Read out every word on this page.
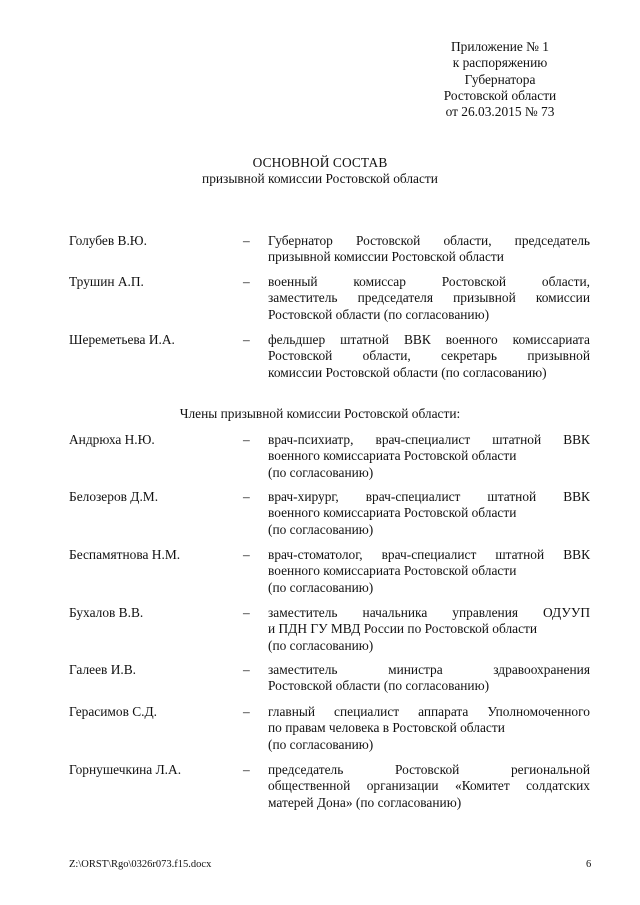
Приложение № 1
к распоряжению
Губернатора
Ростовской области
от 26.03.2015 № 73
ОСНОВНОЙ СОСТАВ
призывной комиссии Ростовской области
Голубев В.Ю.	– Губернатор Ростовской области, председатель
призывной комиссии Ростовской области
Трушин А.П.	– военный комиссар Ростовской области,
заместитель председателя призывной комиссии
Ростовской области (по согласованию)
Шереметьева И.А.	– фельдшер штатной ВВК военного комиссариата
Ростовской области, секретарь призывной
комиссии Ростовской области (по согласованию)
Члены призывной комиссии Ростовской области:
Андрюха Н.Ю.	– врач-психиатр, врач-специалист штатной ВВК
военного комиссариата Ростовской области
(по согласованию)
Белозеров Д.М.	– врач-хирург, врач-специалист штатной ВВК
военного комиссариата Ростовской области
(по согласованию)
Беспамятнова Н.М.	– врач-стоматолог, врач-специалист штатной ВВК
военного комиссариата Ростовской области
(по согласованию)
Бухалов В.В.	– заместитель начальника управления ОДУУП
и ПДН ГУ МВД России по Ростовской области
(по согласованию)
Галеев И.В.	– заместитель министра здравоохранения
Ростовской области (по согласованию)
Герасимов С.Д.	– главный специалист аппарата Уполномоченного
по правам человека в Ростовской области
(по согласованию)
Горнушечкина Л.А.	– председатель Ростовской региональной
общественной организации «Комитет солдатских
матерей Дона» (по согласованию)
Z:\ORST\Rgo\0326r073.f15.docx	6
